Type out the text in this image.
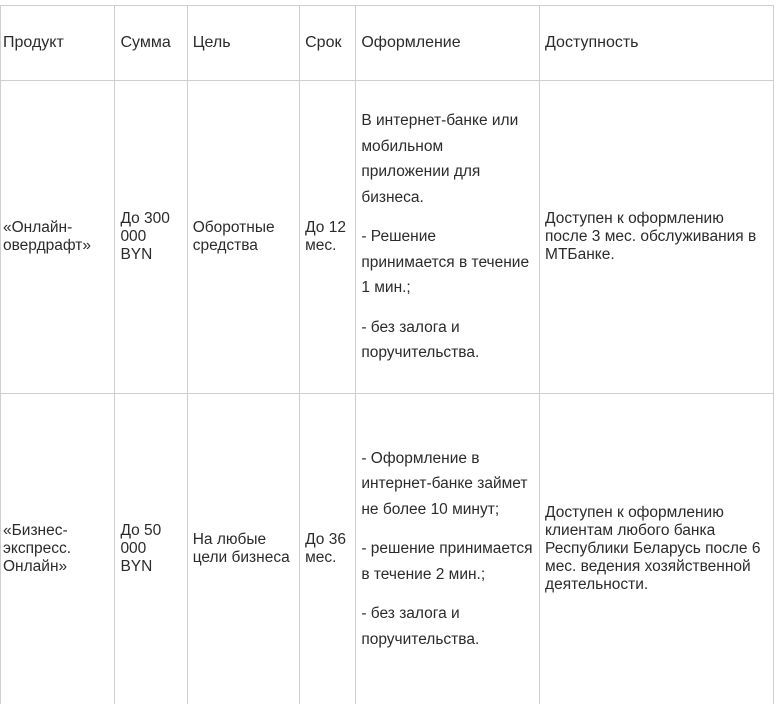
Продукт	Сумма	Цель	Срок	Оформление	Доступность
«Онлайн-овердрафт»	До 300 000 BYN	Оборотные средства	До 12 мес.	В интернет-банке или мобильном приложении для бизнеса.

- Решение принимается в течение 1 мин.;

- без залога и поручительства.	Доступен к оформлению после 3 мес. обслуживания в МТБанке.
«Бизнес-экспресс. Онлайн»	До 50 000 BYN	На любые цели бизнеса	До 36 мес.	- Оформление в интернет-банке займет не более 10 минут;

- решение принимается в течение 2 мин.;

- без залога и поручительства.	Доступен к оформлению клиентам любого банка Республики Беларусь после 6 мес. ведения хозяйственной деятельности.
